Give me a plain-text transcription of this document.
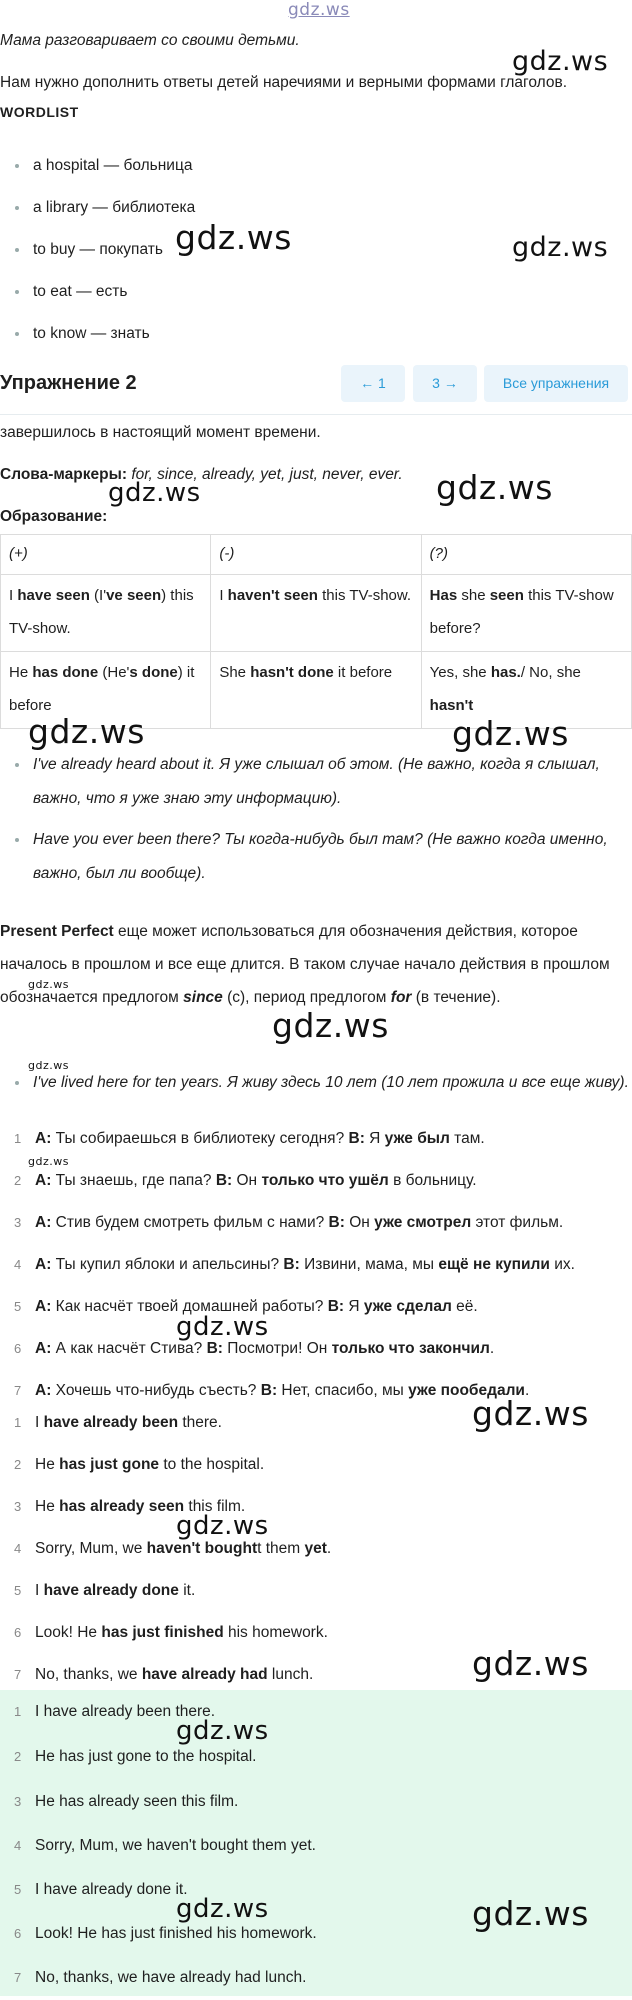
gdz.ws
Мама разговаривает со своими детьми.
Нам нужно дополнить ответы детей наречиями и верными формами глаголов.
WORDLIST
a hospital — больница
a library — библиотека
to buy — покупать
to eat — есть
to know — знать
Упражнение 2	← 1	3 →	Все упражнения
завершилось в настоящий момент времени.
Слова-маркеры: for, since, already, yet, just, never, ever.
Образование:
(+)	(-)	(?)
I have seen (I've seen) this TV-show.	I haven't seen this TV-show.	Has she seen this TV-show before?
He has done (He's done) it before	She hasn't done it before	Yes, she has./ No, she hasn't
I've already heard about it. Я уже слышал об этом. (Не важно, когда я слышал, важно, что я уже знаю эту информацию).
Have you ever been there? Ты когда-нибудь был там? (Не важно когда именно, важно, был ли вообще).
Present Perfect еще может использоваться для обозначения действия, которое началось в прошлом и все еще длится. В таком случае начало действия в прошлом обозначается предлогом since (с), период предлогом for (в течение).
I've lived here for ten years. Я живу здесь 10 лет (10 лет прожила и все еще живу).
1 A: Ты собираешься в библиотеку сегодня? B: Я уже был там.
2 A: Ты знаешь, где папа? B: Он только что ушёл в больницу.
3 A: Стив будем смотреть фильм с нами? B: Он уже смотрел этот фильм.
4 A: Ты купил яблоки и апельсины? B: Извини, мама, мы ещё не купили их.
5 A: Как насчёт твоей домашней работы? B: Я уже сделал её.
6 A: А как насчёт Стива? B: Посмотри! Он только что закончил.
7 A: Хочешь что-нибудь съесть? B: Нет, спасибо, мы уже пообедали.
1 I have already been there.
2 He has just gone to the hospital.
3 He has already seen this film.
4 Sorry, Mum, we haven't boughtt them yet.
5 I have already done it.
6 Look! He has just finished his homework.
7 No, thanks, we have already had lunch.
1 I have already been there.
2 He has just gone to the hospital.
3 He has already seen this film.
4 Sorry, Mum, we haven't bought them yet.
5 I have already done it.
6 Look! He has just finished his homework.
7 No, thanks, we have already had lunch.
gdz.ws
gdz.ws	gdz.ws
gdz.ws	gdz.ws
gdz.ws	gdz.ws
gdz.ws
gdz.ws
gdz.ws
gdz.ws
gdz.ws
gdz.ws
gdz.ws
gdz.ws
gdz.ws
gdz.ws	gdz.ws
